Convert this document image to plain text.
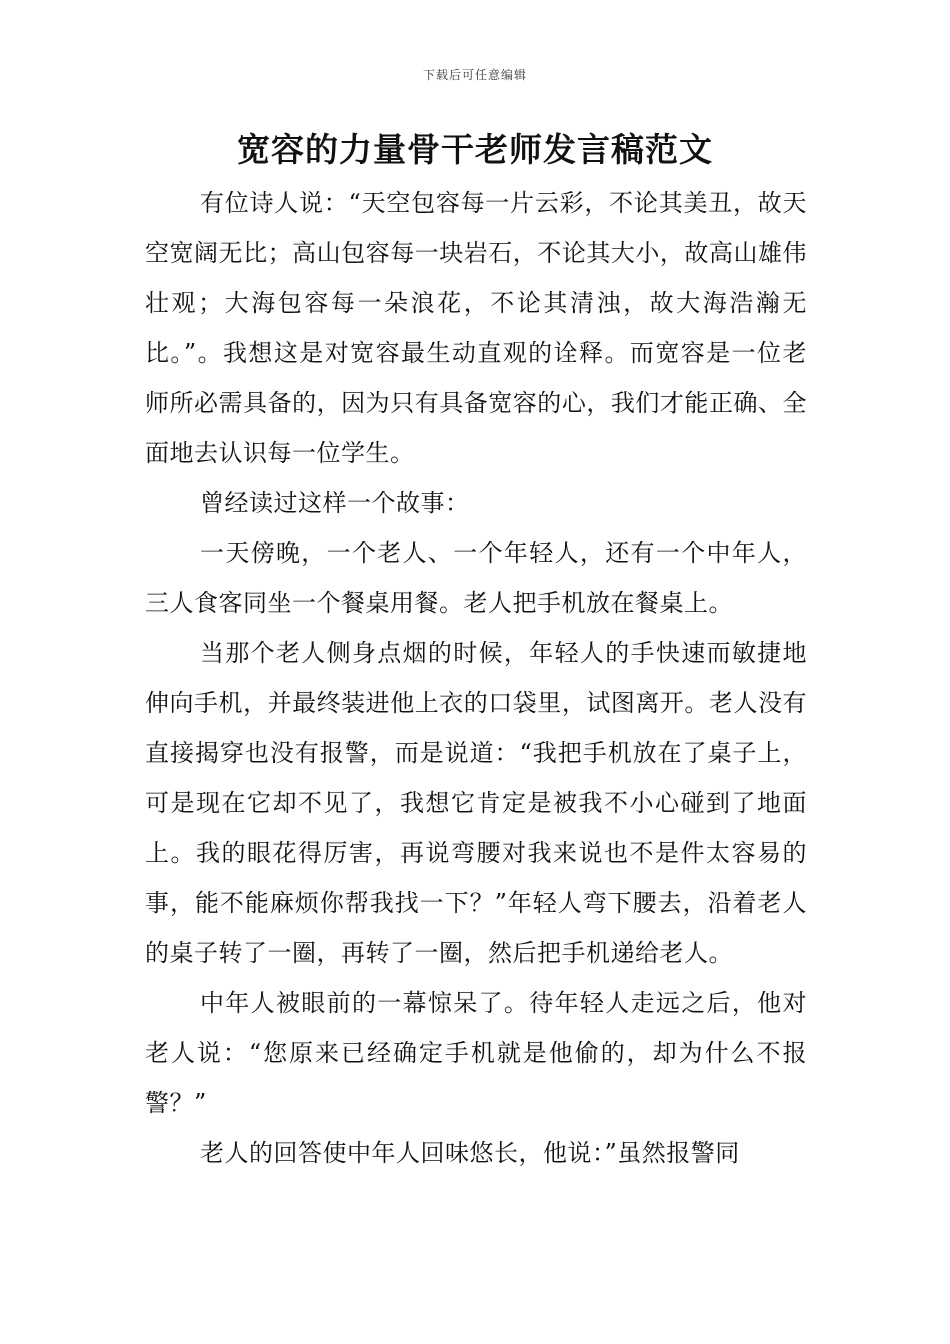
下载后可任意编辑
宽容的力量骨干老师发言稿范文

有位诗人说：“天空包容每一片云彩，不论其美丑，故天空宽阔无比；高山包容每一块岩石，不论其大小，故高山雄伟壮观；大海包容每一朵浪花，不论其清浊，故大海浩瀚无比。”。我想这是对宽容最生动直观的诠释。而宽容是一位老师所必需具备的，因为只有具备宽容的心，我们才能正确、全面地去认识每一位学生。

曾经读过这样一个故事：

一天傍晚，一个老人、一个年轻人，还有一个中年人，三人食客同坐一个餐桌用餐。老人把手机放在餐桌上。

当那个老人侧身点烟的时候，年轻人的手快速而敏捷地伸向手机，并最终装进他上衣的口袋里，试图离开。老人没有直接揭穿也没有报警，而是说道：“我把手机放在了桌子上，可是现在它却不见了，我想它肯定是被我不小心碰到了地面上。我的眼花得厉害，再说弯腰对我来说也不是件太容易的事，能不能麻烦你帮我找一下？”年轻人弯下腰去，沿着老人的桌子转了一圈，再转了一圈，然后把手机递给老人。

中年人被眼前的一幕惊呆了。待年轻人走远之后，他对老人说：“您原来已经确定手机就是他偷的，却为什么不报警？”

老人的回答使中年人回味悠长，他说：”虽然报警同
